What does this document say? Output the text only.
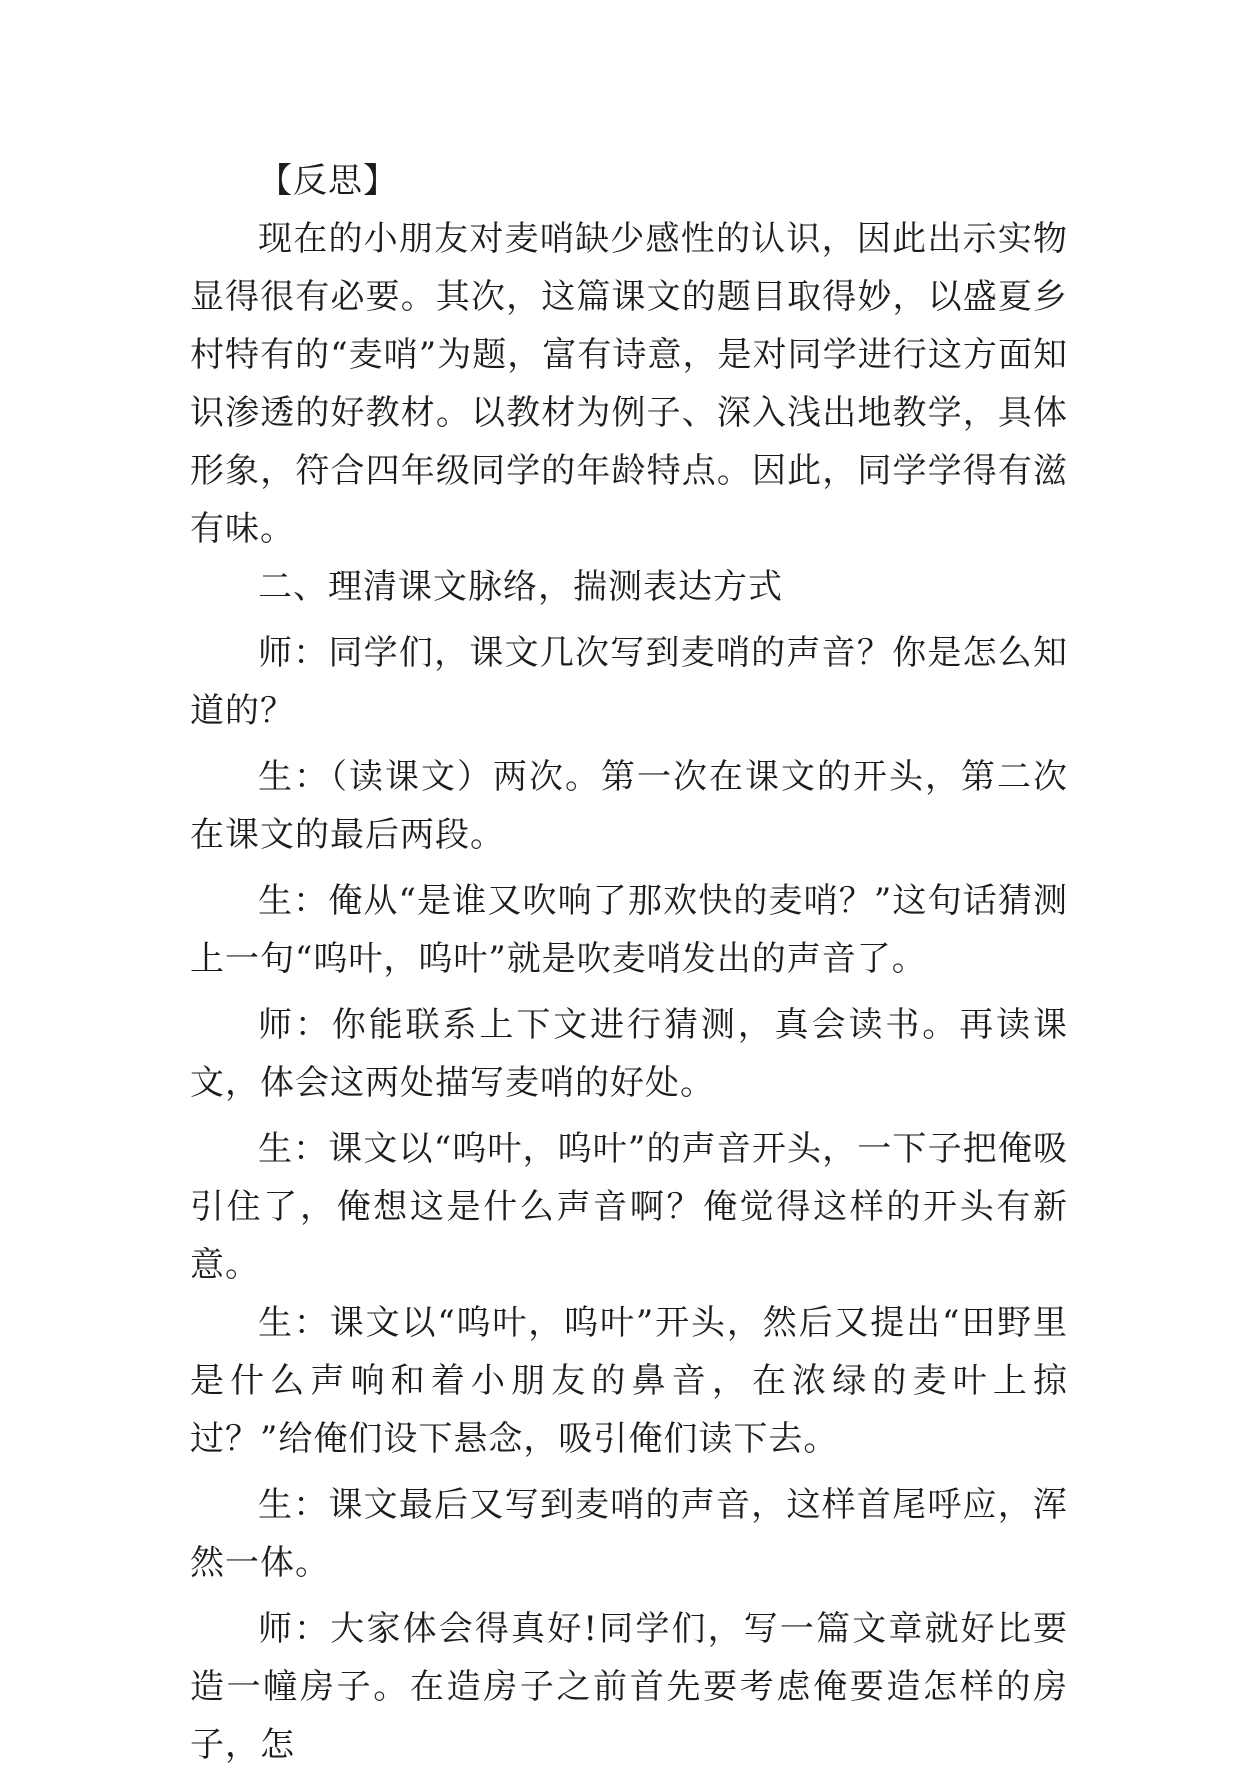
【反思】

现在的小朋友对麦哨缺少感性的认识，因此出示实物显得很有必要。其次，这篇课文的题目取得妙，以盛夏乡村特有的“麦哨”为题，富有诗意，是对同学进行这方面知识渗透的好教材。以教材为例子、深入浅出地教学，具体形象，符合四年级同学的年龄特点。因此，同学学得有滋有味。

二、理清课文脉络，揣测表达方式

师：同学们，课文几次写到麦哨的声音？你是怎么知道的？

生：（读课文）两次。第一次在课文的开头，第二次在课文的最后两段。

生：俺从“是谁又吹响了那欢快的麦哨？”这句话猜测上一句“呜叶，呜叶”就是吹麦哨发出的声音了。

师：你能联系上下文进行猜测，真会读书。再读课文，体会这两处描写麦哨的好处。

生：课文以“呜叶，呜叶”的声音开头，一下子把俺吸引住了，俺想这是什么声音啊？俺觉得这样的开头有新意。

生：课文以“呜叶，呜叶”开头，然后又提出“田野里是什么声响和着小朋友的鼻音，在浓绿的麦叶上掠过？”给俺们设下悬念，吸引俺们读下去。

生：课文最后又写到麦哨的声音，这样首尾呼应，浑然一体。

师：大家体会得真好!同学们，写一篇文章就好比要造一幢房子。在造房子之前首先要考虑俺要造怎样的房子，怎
